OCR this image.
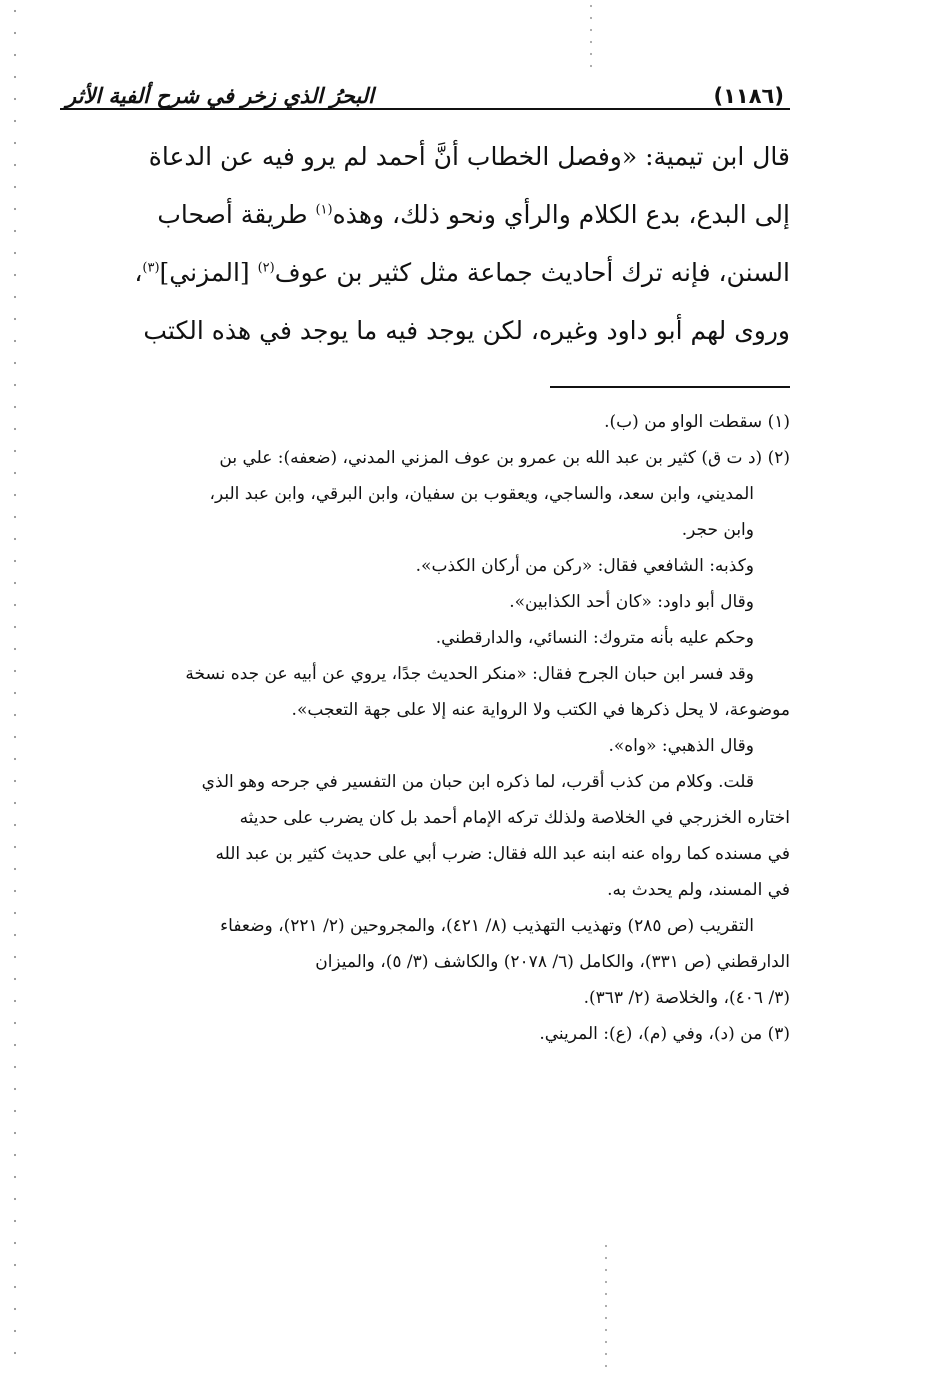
(١١٨٦)
البحرُ الذي زخر في شرح ألفية الأثر

قال ابن تيمية: «وفصل الخطاب أنَّ أحمد لم يرو فيه عن الدعاة

إلى البدع، بدع الكلام والرأي ونحو ذلك، وهذه$^{(١)}$ طريقة أصحاب

السنن، فإنه ترك أحاديث جماعة مثل كثير بن عوف$^{(٢)}$ [المزني]$^{(٣)}$،

وروى لهم أبو داود وغيره، لكن يوجد فيه ما يوجد في هذه الكتب

(١) سقطت الواو من (ب).

(٢) (د ت ق) كثير بن عبد الله بن عمرو بن عوف المزني المدني، (ضعفه): علي بن

المديني، وابن سعد، والساجي، ويعقوب بن سفيان، وابن البرقي، وابن عبد البر،

وابن حجر.

وكذبه: الشافعي فقال: «ركن من أركان الكذب».

وقال أبو داود: «كان أحد الكذابين».

وحكم عليه بأنه متروك: النسائي، والدارقطني.

وقد فسر ابن حبان الجرح فقال: «منكر الحديث جدًا، يروي عن أبيه عن جده نسخة

موضوعة، لا يحل ذكرها في الكتب ولا الرواية عنه إلا على جهة التعجب».

وقال الذهبي: «واه».

قلت. وكلام من كذب أقرب، لما ذكره ابن حبان من التفسير في جرحه وهو الذي

اختاره الخزرجي في الخلاصة ولذلك تركه الإمام أحمد بل كان يضرب على حديثه

في مسنده كما رواه عنه ابنه عبد الله فقال: ضرب أبي على حديث كثير بن عبد الله

في المسند، ولم يحدث به.

التقريب (ص ٢٨٥) وتهذيب التهذيب (٨/ ٤٢١)، والمجروحين (٢/ ٢٢١)، وضعفاء

الدارقطني (ص ٣٣١)، والكامل (٦/ ٢٠٧٨) والكاشف (٣/ ٥)، والميزان

(٣/ ٤٠٦)، والخلاصة (٢/ ٣٦٣).

(٣) من (د)، وفي (م)، (ع): المريني.
